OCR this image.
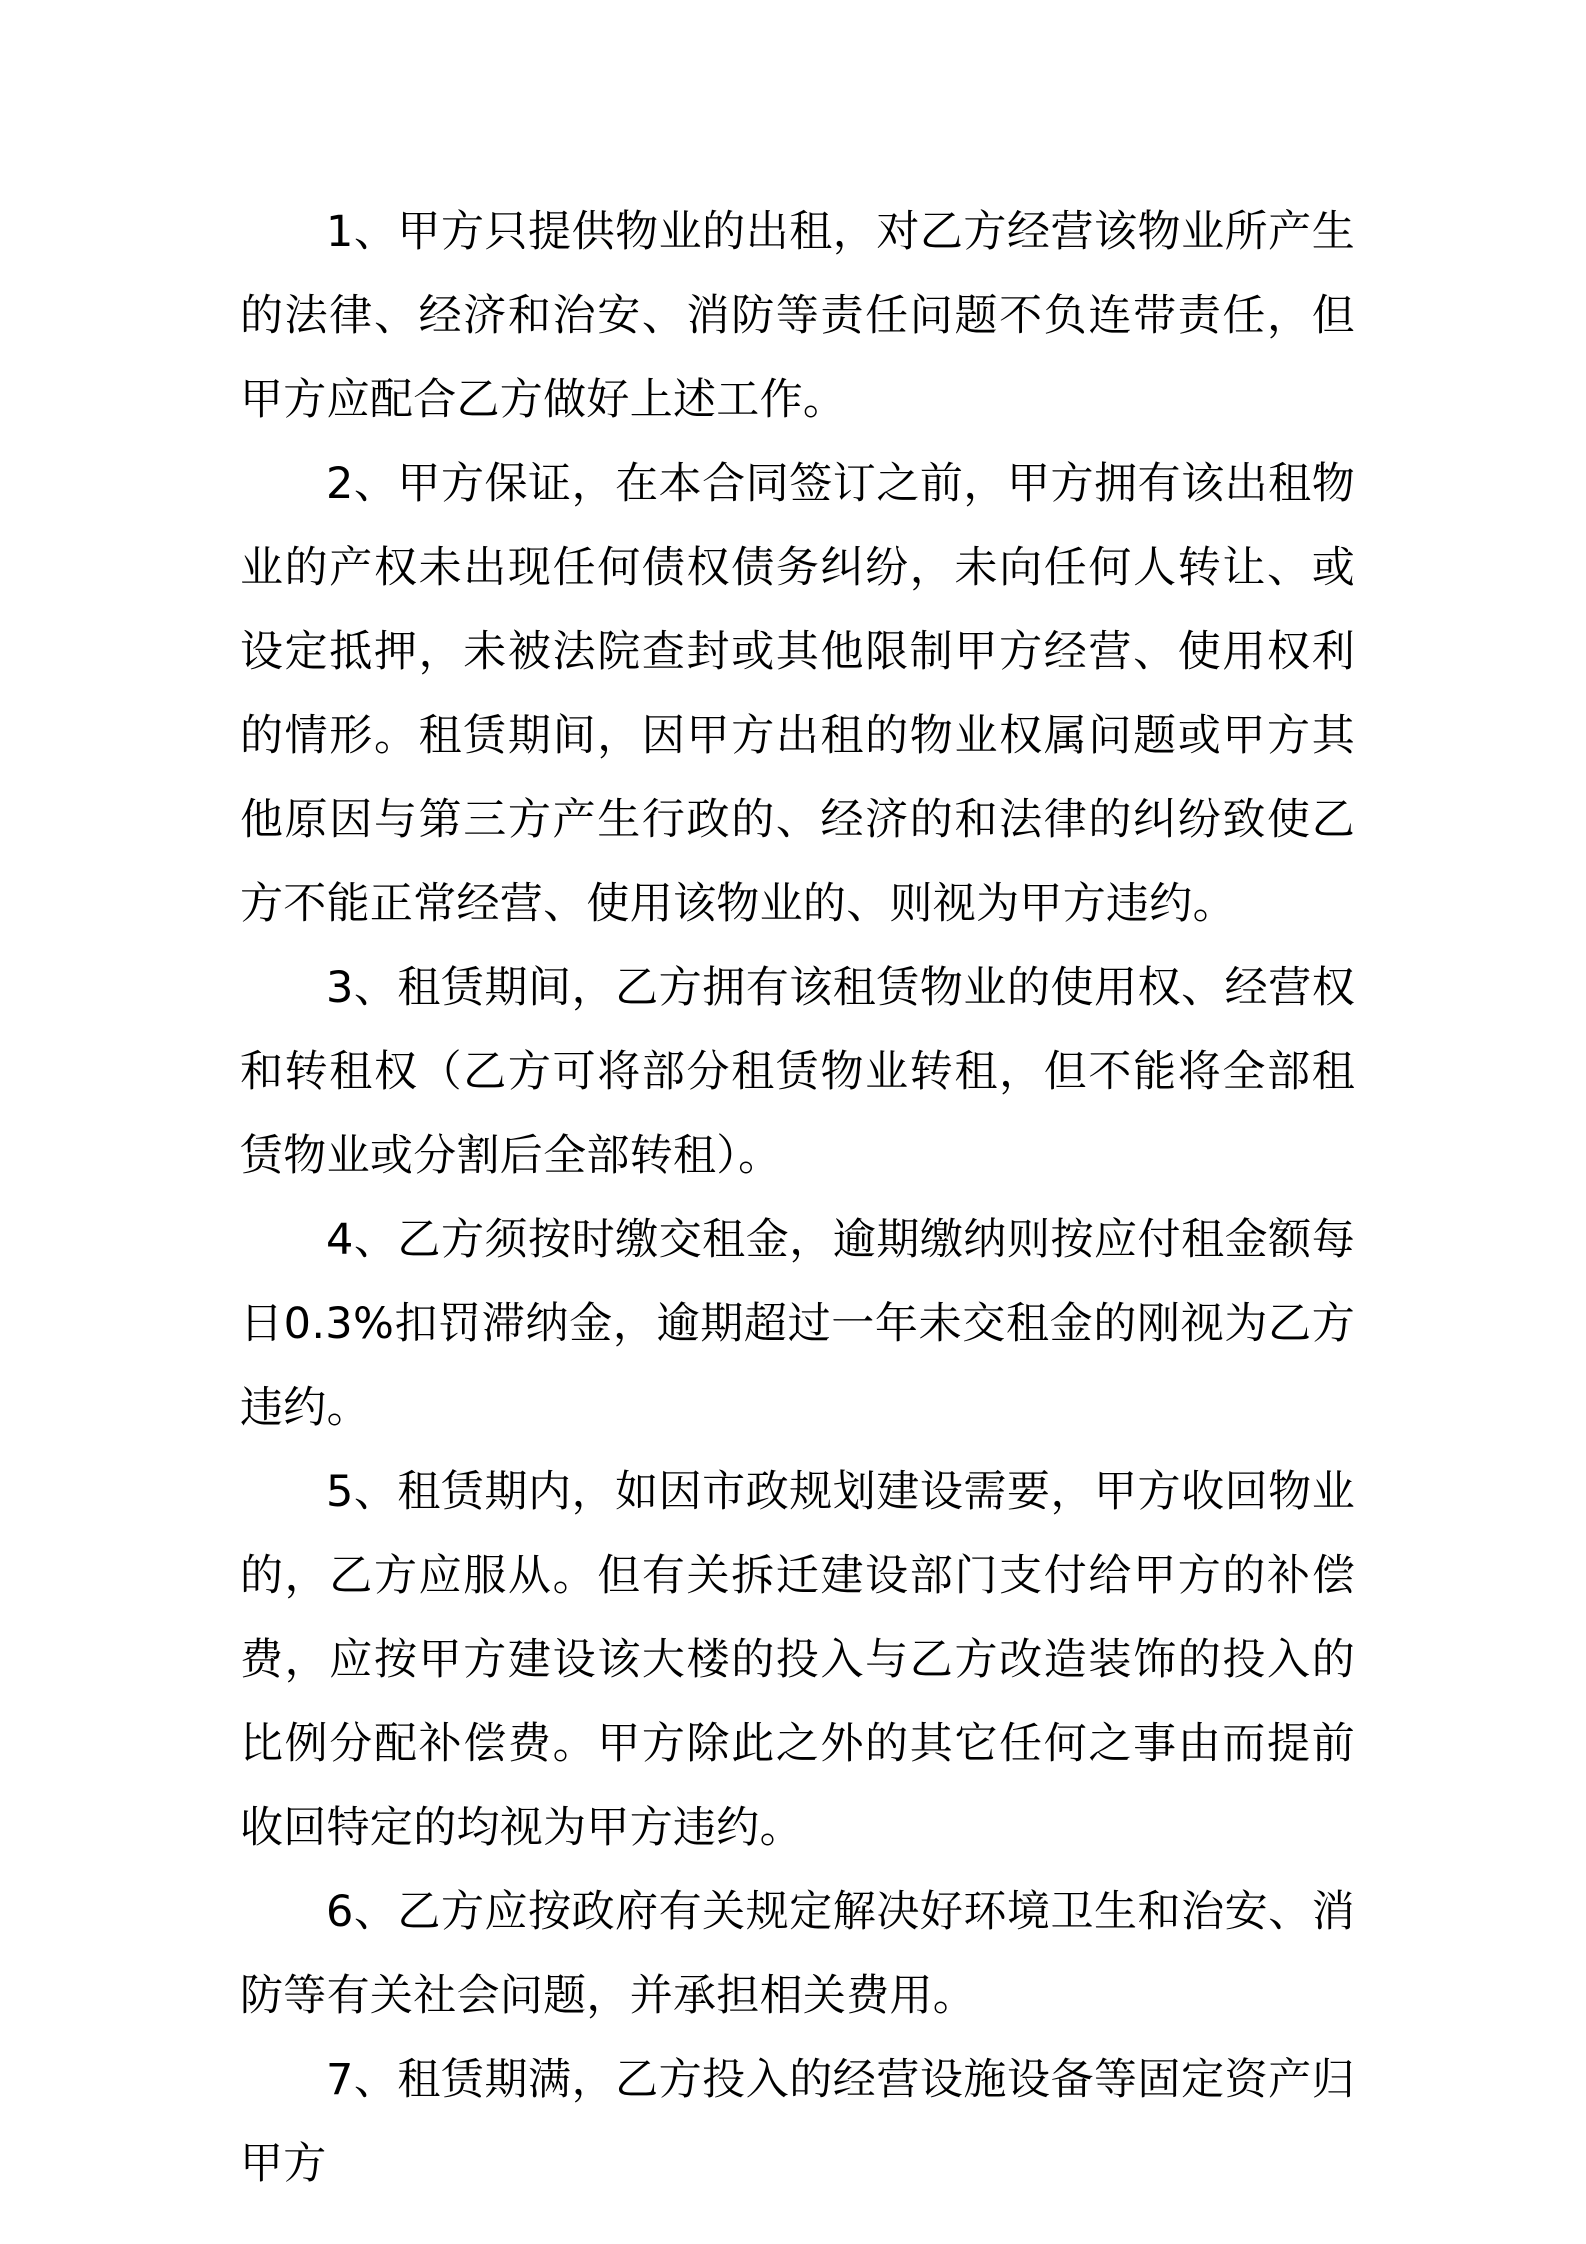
1、甲方只提供物业的出租，对乙方经营该物业所产生的法律、经济和治安、消防等责任问题不负连带责任，但甲方应配合乙方做好上述工作。

2、甲方保证，在本合同签订之前，甲方拥有该出租物业的产权未出现任何债权债务纠纷，未向任何人转让、或设定抵押，未被法院查封或其他限制甲方经营、使用权利的情形。租赁期间，因甲方出租的物业权属问题或甲方其他原因与第三方产生行政的、经济的和法律的纠纷致使乙方不能正常经营、使用该物业的、则视为甲方违约。

3、租赁期间，乙方拥有该租赁物业的使用权、经营权和转租权（乙方可将部分租赁物业转租，但不能将全部租赁物业或分割后全部转租）。

4、乙方须按时缴交租金，逾期缴纳则按应付租金额每日0.3%扣罚滞纳金，逾期超过一年未交租金的刚视为乙方违约。

5、租赁期内，如因市政规划建设需要，甲方收回物业的，乙方应服从。但有关拆迁建设部门支付给甲方的补偿费，应按甲方建设该大楼的投入与乙方改造装饰的投入的比例分配补偿费。甲方除此之外的其它任何之事由而提前收回特定的均视为甲方违约。

6、乙方应按政府有关规定解决好环境卫生和治安、消防等有关社会问题，并承担相关费用。

7、租赁期满，乙方投入的经营设施设备等固定资产归甲方
